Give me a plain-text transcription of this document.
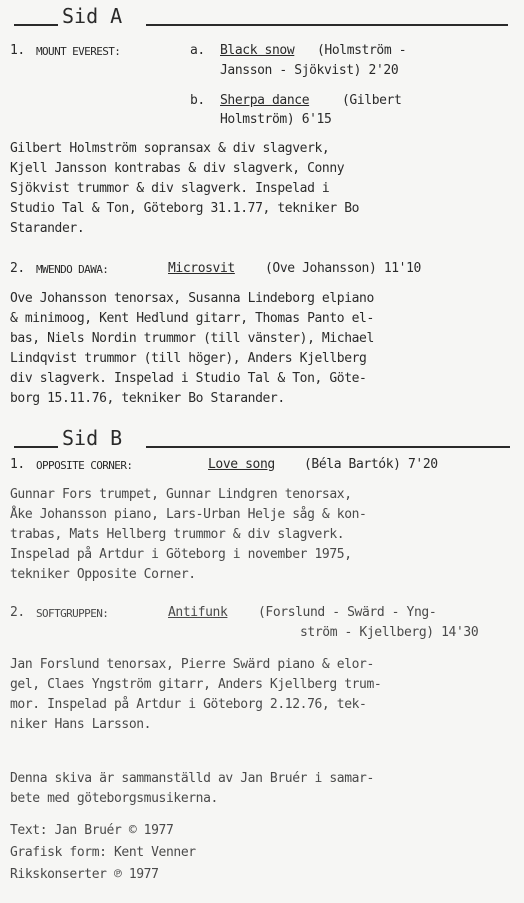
Sid A
1. MOUNT EVEREST:	a. Black snow (Holmström -
Jansson - Sjökvist) 2'20
b. Sherpa dance	(Gilbert
Holmström) 6'15
Gilbert Holmström sopransax & div slagverk,
Kjell Jansson kontrabas & div slagverk, Conny
Sjökvist trummor & div slagverk. Inspelad i
Studio Tal & Ton, Göteborg 31.1.77, tekniker Bo
Starander.
2. MWENDO DAWA:	Microsvit (Ove Johansson) 11'10
Ove Johansson tenorsax, Susanna Lindeborg elpiano
& minimoog, Kent Hedlund gitarr, Thomas Panto el-
bas, Niels Nordin trummor (till vänster), Michael
Lindqvist trummor (till höger), Anders Kjellberg
div slagverk. Inspelad i Studio Tal & Ton, Göte-
borg 15.11.76, tekniker Bo Starander.
Sid B
1. OPPOSITE CORNER:	Love song (Béla Bartók) 7'20
Gunnar Fors trumpet, Gunnar Lindgren tenorsax,
Åke Johansson piano, Lars-Urban Helje såg & kon-
trabas, Mats Hellberg trummor & div slagverk.
Inspelad på Artdur i Göteborg i november 1975,
tekniker Opposite Corner.
2. SOFTGRUPPEN:	Antifunk (Forslund - Swärd - Yng-
ström - Kjellberg) 14'30
Jan Forslund tenorsax, Pierre Swärd piano & elor-
gel, Claes Yngström gitarr, Anders Kjellberg trum-
mor. Inspelad på Artdur i Göteborg 2.12.76, tek-
niker Hans Larsson.
Denna skiva är sammanställd av Jan Bruér i samar-
bete med göteborgsmusikerna.
Text: Jan Bruér © 1977
Grafisk form: Kent Venner
Rikskonserter ℗ 1977
